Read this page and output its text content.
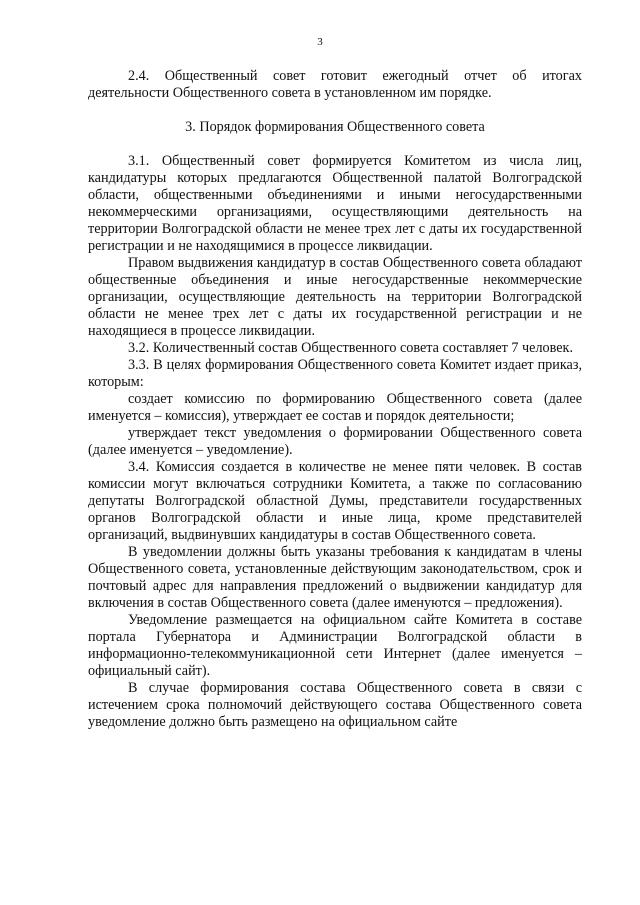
3

2.4. Общественный совет готовит ежегодный отчет об итогах деятельности Общественного совета в установленном им порядке.

3. Порядок формирования Общественного совета

3.1. Общественный совет формируется Комитетом из числа лиц, кандидатуры которых предлагаются Общественной палатой Волгоградской области, общественными объединениями и иными негосударственными некоммерческими организациями, осуществляющими деятельность на территории Волгоградской области не менее трех лет с даты их государственной регистрации и не находящимися в процессе ликвидации.

Правом выдвижения кандидатур в состав Общественного совета обладают общественные объединения и иные негосударственные некоммерческие организации, осуществляющие деятельность на территории Волгоградской области не менее трех лет с даты их государственной регистрации и не находящиеся в процессе ликвидации.

3.2. Количественный состав Общественного совета составляет 7 человек.

3.3. В целях формирования Общественного совета Комитет издает приказ, которым:

создает комиссию по формированию Общественного совета (далее именуется – комиссия), утверждает ее состав и порядок деятельности;

утверждает текст уведомления о формировании Общественного совета (далее именуется – уведомление).

3.4. Комиссия создается в количестве не менее пяти человек. В состав комиссии могут включаться сотрудники Комитета, а также по согласованию депутаты Волгоградской областной Думы, представители государственных органов Волгоградской области и иные лица, кроме представителей организаций, выдвинувших кандидатуры в состав Общественного совета.

В уведомлении должны быть указаны требования к кандидатам в члены Общественного совета, установленные действующим законодательством, срок и почтовый адрес для направления предложений о выдвижении кандидатур для включения в состав Общественного совета (далее именуются – предложения).

Уведомление размещается на официальном сайте Комитета в составе портала Губернатора и Администрации Волгоградской области в информационно-телекоммуникационной сети Интернет (далее именуется – официальный сайт).

В случае формирования состава Общественного совета в связи с истечением срока полномочий действующего состава Общественного совета уведомление должно быть размещено на официальном сайте
